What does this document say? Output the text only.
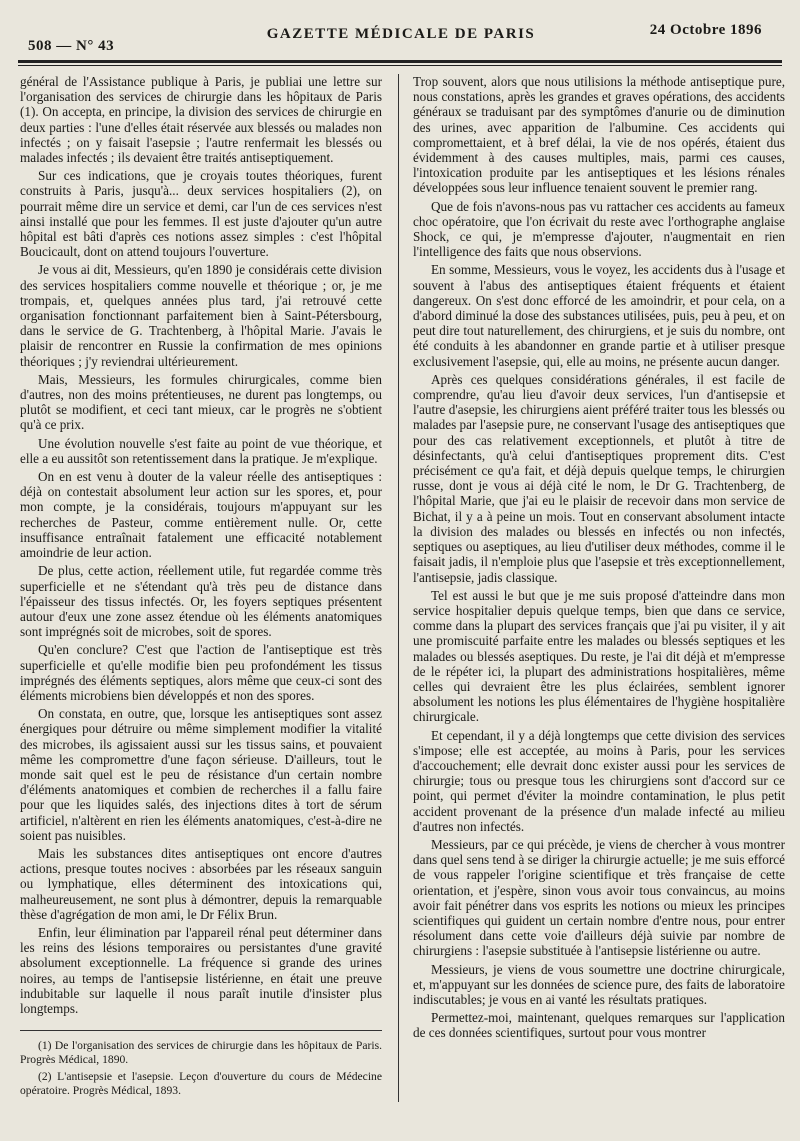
508 — N° 43
GAZETTE MÉDICALE DE PARIS	24 Octobre 1896

général de l'Assistance publique à Paris, je publiai une lettre sur l'organisation des services de chirurgie dans les hôpitaux de Paris (1). On accepta, en principe, la division des services de chirurgie en deux parties : l'une d'elles était réservée aux blessés ou malades non infectés ; on y faisait l'asepsie ; l'autre renfermait les blessés ou malades infectés ; ils devaient être traités antiseptiquement.

Sur ces indications, que je croyais toutes théoriques, furent construits à Paris, jusqu'à... deux services hospitaliers (2), on pourrait même dire un service et demi, car l'un de ces services n'est ainsi installé que pour les femmes. Il est juste d'ajouter qu'un autre hôpital est bâti d'après ces notions assez simples : c'est l'hôpital Boucicault, dont on attend toujours l'ouverture.

Je vous ai dit, Messieurs, qu'en 1890 je considérais cette division des services hospitaliers comme nouvelle et théorique ; or, je me trompais, et, quelques années plus tard, j'ai retrouvé cette organisation fonctionnant parfaitement bien à Saint-Pétersbourg, dans le service de G. Trachtenberg, à l'hôpital Marie. J'avais le plaisir de rencontrer en Russie la confirmation de mes opinions théoriques ; j'y reviendrai ultérieurement.

Mais, Messieurs, les formules chirurgicales, comme bien d'autres, non des moins prétentieuses, ne durent pas longtemps, ou plutôt se modifient, et ceci tant mieux, car le progrès ne s'obtient qu'à ce prix.

Une évolution nouvelle s'est faite au point de vue théorique, et elle a eu aussitôt son retentissement dans la pratique. Je m'explique.

On en est venu à douter de la valeur réelle des antiseptiques : déjà on contestait absolument leur action sur les spores, et, pour mon compte, je la considérais, toujours m'appuyant sur les recherches de Pasteur, comme entièrement nulle. Or, cette insuffisance entraînait fatalement une efficacité notablement amoindrie de leur action.

De plus, cette action, réellement utile, fut regardée comme très superficielle et ne s'étendant qu'à très peu de distance dans l'épaisseur des tissus infectés. Or, les foyers septiques présentent autour d'eux une zone assez étendue où les éléments anatomiques sont imprégnés soit de microbes, soit de spores.

Qu'en conclure? C'est que l'action de l'antiseptique est très superficielle et qu'elle modifie bien peu profondément les tissus imprégnés des éléments septiques, alors même que ceux-ci sont des éléments microbiens bien développés et non des spores.

On constata, en outre, que, lorsque les antiseptiques sont assez énergiques pour détruire ou même simplement modifier la vitalité des microbes, ils agissaient aussi sur les tissus sains, et pouvaient même les compromettre d'une façon sérieuse. D'ailleurs, tout le monde sait quel est le peu de résistance d'un certain nombre d'éléments anatomiques et combien de recherches il a fallu faire pour que les liquides salés, des injections dites à tort de sérum artificiel, n'altèrent en rien les éléments anatomiques, c'est-à-dire ne soient pas nuisibles.

Mais les substances dites antiseptiques ont encore d'autres actions, presque toutes nocives : absorbées par les réseaux sanguin ou lymphatique, elles déterminent des intoxications qui, malheureusement, ne sont plus à démontrer, depuis la remarquable thèse d'agrégation de mon ami, le Dr Félix Brun.

Enfin, leur élimination par l'appareil rénal peut déterminer dans les reins des lésions temporaires ou persistantes d'une gravité absolument exceptionnelle. La fréquence si grande des urines noires, au temps de l'antisepsie listérienne, en était une preuve indubitable sur laquelle il nous paraît inutile d'insister plus longtemps.

(1) De l'organisation des services de chirurgie dans les hôpitaux de Paris. Progrès Médical, 1890.

(2) L'antisepsie et l'asepsie. Leçon d'ouverture du cours de Médecine opératoire. Progrès Médical, 1893.

Trop souvent, alors que nous utilisions la méthode antiseptique pure, nous constations, après les grandes et graves opérations, des accidents généraux se traduisant par des symptômes d'anurie ou de diminution des urines, avec apparition de l'albumine. Ces accidents qui compromettaient, et à bref délai, la vie de nos opérés, étaient dus évidemment à des causes multiples, mais, parmi ces causes, l'intoxication produite par les antiseptiques et les lésions rénales développées sous leur influence tenaient souvent le premier rang.

Que de fois n'avons-nous pas vu rattacher ces accidents au fameux choc opératoire, que l'on écrivait du reste avec l'orthographe anglaise Shock, ce qui, je m'empresse d'ajouter, n'augmentait en rien l'intelligence des faits que nous observions.

En somme, Messieurs, vous le voyez, les accidents dus à l'usage et souvent à l'abus des antiseptiques étaient fréquents et étaient dangereux. On s'est donc efforcé de les amoindrir, et pour cela, on a d'abord diminué la dose des substances utilisées, puis, peu à peu, et on peut dire tout naturellement, des chirurgiens, et je suis du nombre, ont été conduits à les abandonner en grande partie et à utiliser presque exclusivement l'asepsie, qui, elle au moins, ne présente aucun danger.

Après ces quelques considérations générales, il est facile de comprendre, qu'au lieu d'avoir deux services, l'un d'antisepsie et l'autre d'asepsie, les chirurgiens aient préféré traiter tous les blessés ou malades par l'asepsie pure, ne conservant l'usage des antiseptiques que pour des cas relativement exceptionnels, et plutôt à titre de désinfectants, qu'à celui d'antiseptiques proprement dits. C'est précisément ce qu'a fait, et déjà depuis quelque temps, le chirurgien russe, dont je vous ai déjà cité le nom, le Dr G. Trachtenberg, de l'hôpital Marie, que j'ai eu le plaisir de recevoir dans mon service de Bichat, il y a à peine un mois. Tout en conservant absolument intacte la division des malades ou blessés en infectés ou non infectés, septiques ou aseptiques, au lieu d'utiliser deux méthodes, comme il le faisait jadis, il n'emploie plus que l'asepsie et très exceptionnellement, l'antisepsie, jadis classique.

Tel est aussi le but que je me suis proposé d'atteindre dans mon service hospitalier depuis quelque temps, bien que dans ce service, comme dans la plupart des services français que j'ai pu visiter, il y ait une promiscuité parfaite entre les malades ou blessés septiques et les malades ou blessés aseptiques. Du reste, je l'ai dit déjà et m'empresse de le répéter ici, la plupart des administrations hospitalières, même celles qui devraient être les plus éclairées, semblent ignorer absolument les notions les plus élémentaires de l'hygiène hospitalière chirurgicale.

Et cependant, il y a déjà longtemps que cette division des services s'impose; elle est acceptée, au moins à Paris, pour les services d'accouchement; elle devrait donc exister aussi pour les services de chirurgie; tous ou presque tous les chirurgiens sont d'accord sur ce point, qui permet d'éviter la moindre contamination, le plus petit accident provenant de la présence d'un malade infecté au milieu d'autres non infectés.

Messieurs, par ce qui précède, je viens de chercher à vous montrer dans quel sens tend à se diriger la chirurgie actuelle; je me suis efforcé de vous rappeler l'origine scientifique et très française de cette orientation, et j'espère, sinon vous avoir tous convaincus, au moins avoir fait pénétrer dans vos esprits les notions ou mieux les principes scientifiques qui guident un certain nombre d'entre nous, pour entrer résolument dans cette voie d'ailleurs déjà suivie par nombre de chirurgiens : l'asepsie substituée à l'antisepsie listérienne ou autre.

Messieurs, je viens de vous soumettre une doctrine chirurgicale, et, m'appuyant sur les données de science pure, des faits de laboratoire indiscutables; je vous en ai vanté les résultats pratiques.

Permettez-moi, maintenant, quelques remarques sur l'application de ces données scientifiques, surtout pour vous montrer
